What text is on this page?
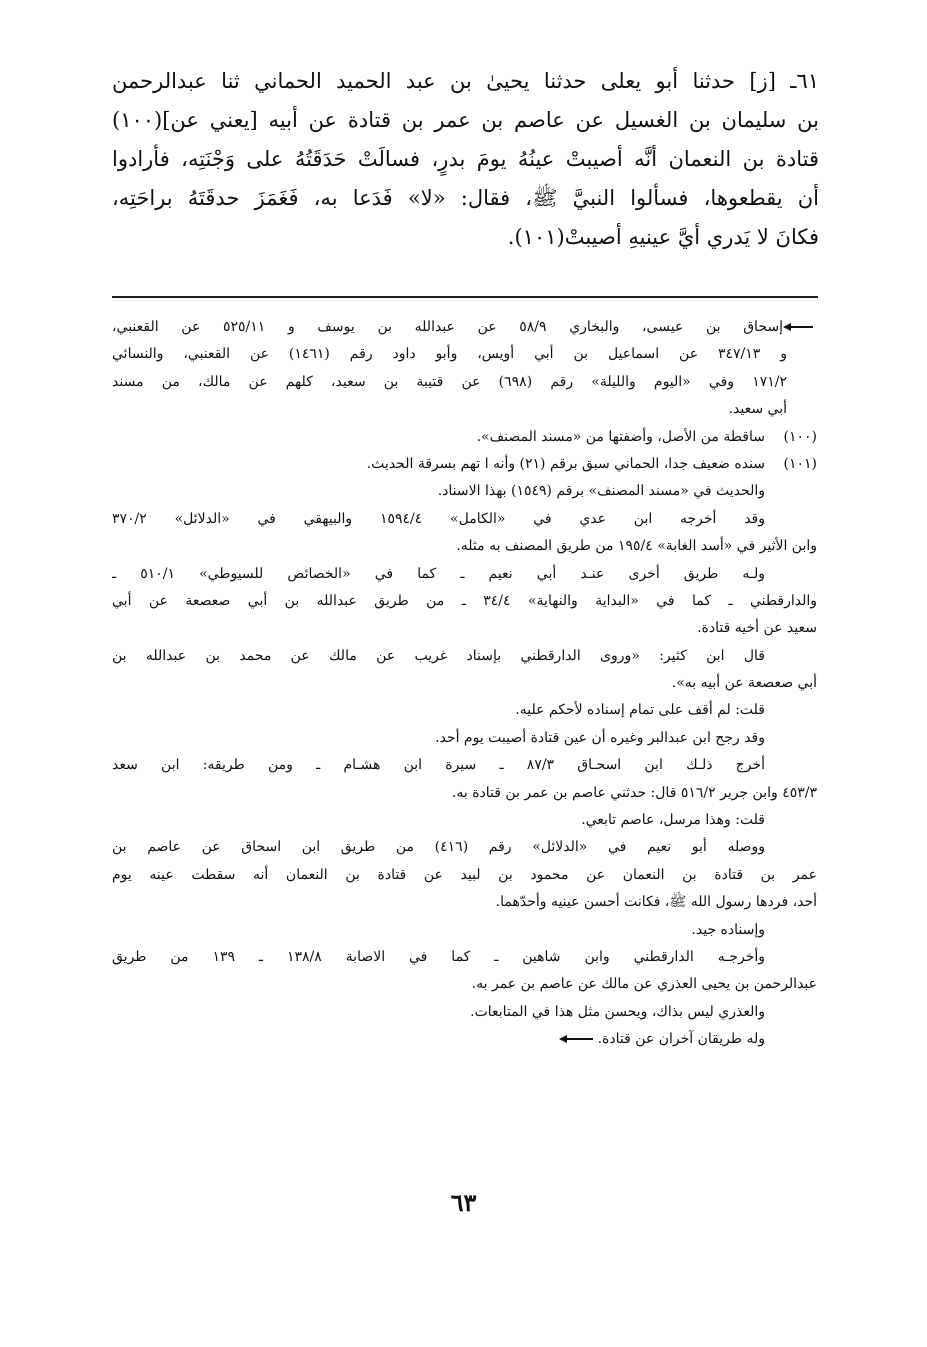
٦١ـ [ز] حدثنا أبو يعلى حدثنا يحيىٰ بن عبد الحميد الحماني ثنا عبدالرحمن
بن سليمان بن الغسيل عن عاصم بن عمر بن قتادة عن أبيه [يعني عن](١٠٠)
قتادة بن النعمان أنَّه أصيبتْ عينُهُ يومَ بدرٍ، فسالَتْ حَدَقَتُهُ على وَجْنَتِه، فأرادوا
أن يقطعوها، فسألوا النبيَّ ﷺ، فقال: «لا» فَدَعا به، فَغَمَزَ حدقَتَهُ براحَتِه،
فكانَ لا يَدري أيَّ عينيهِ أصيبتْ(١٠١).
إسحاق بن عيسى، والبخاري ٥٨/٩ عن عبدالله بن يوسف و ٥٢٥/١١ عن القعنبي،
و ٣٤٧/١٣ عن اسماعيل بن أبي أويس، وأبو داود رقم (١٤٦١) عن القعنبي، والنسائي
١٧١/٢ وفي «اليوم والليلة» رقم (٦٩٨) عن قتيبة بن سعيد، كلهم عن مالك، من مسند
أبي سعيد.
(١٠٠)ساقطة من الأصل، وأضفتها من «مسند المصنف».
(١٠١)سنده ضعيف جدا، الحماني سبق برقم (٢١) وأنه ا تهم بسرقة الحديث.
والحديث في «مسند المصنف» برقم (١٥٤٩) بهذا الاسناد.
وقد أخرجه ابن عدي في «الكامل» ١٥٩٤/٤ والبيهقي في «الدلائل» ٣٧٠/٢
وابن الأثير في «أسد الغابة» ١٩٥/٤ من طريق المصنف به مثله.
ولـه طريق أخرى عنـد أبي نعيم ـ كما في «الخصائص للسيوطي» ٥١٠/١ ـ
والدارقطني ـ كما في «البداية والنهاية» ٣٤/٤ ـ من طريق عبدالله بن أبي صعصعة عن أبي
سعيد عن أخيه قتادة.
قال ابن كثير: «وروى الدارقطني بإسناد غريب عن مالك عن محمد بن عبدالله بن
أبي صعصعة عن أبيه به».
قلت: لم أقف على تمام إسناده لأحكم عليه.
وقد رجح ابن عبدالبر وغيره أن عين قتادة أصيبت يوم أحد.
أخرج ذلـك ابن اسحـاق ٨٧/٣ ـ سيرة ابن هشـام ـ ومن طريقه: ابن سعد
٤٥٣/٣ وابن جرير ٥١٦/٢ قال: حدثني عاصم بن عمر بن قتادة به.
قلت: وهذا مرسل، عاصم تابعي.
ووصله أبو نعيم في «الدلائل» رقم (٤١٦) من طريق ابن اسحاق عن عاصم بن
عمر بن قتادة بن النعمان عن محمود بن لبيد عن قتادة بن النعمان أنه سقطت عينه يوم
أحد، فردها رسول الله ﷺ، فكانت أحسن عينيه وأحدّهما.
وإسناده جيد.
وأخرجـه الدارقطني وابن شاهين ـ كما في الاصابة ١٣٨/٨ ـ ١٣٩ من طريق
عبدالرحمن بن يحيى العذري عن مالك عن عاصم بن عمر به.
والعذري ليس بذاك، ويحسن مثل هذا في المتابعات.
وله طريقان آخران عن قتادة.
٦٣
